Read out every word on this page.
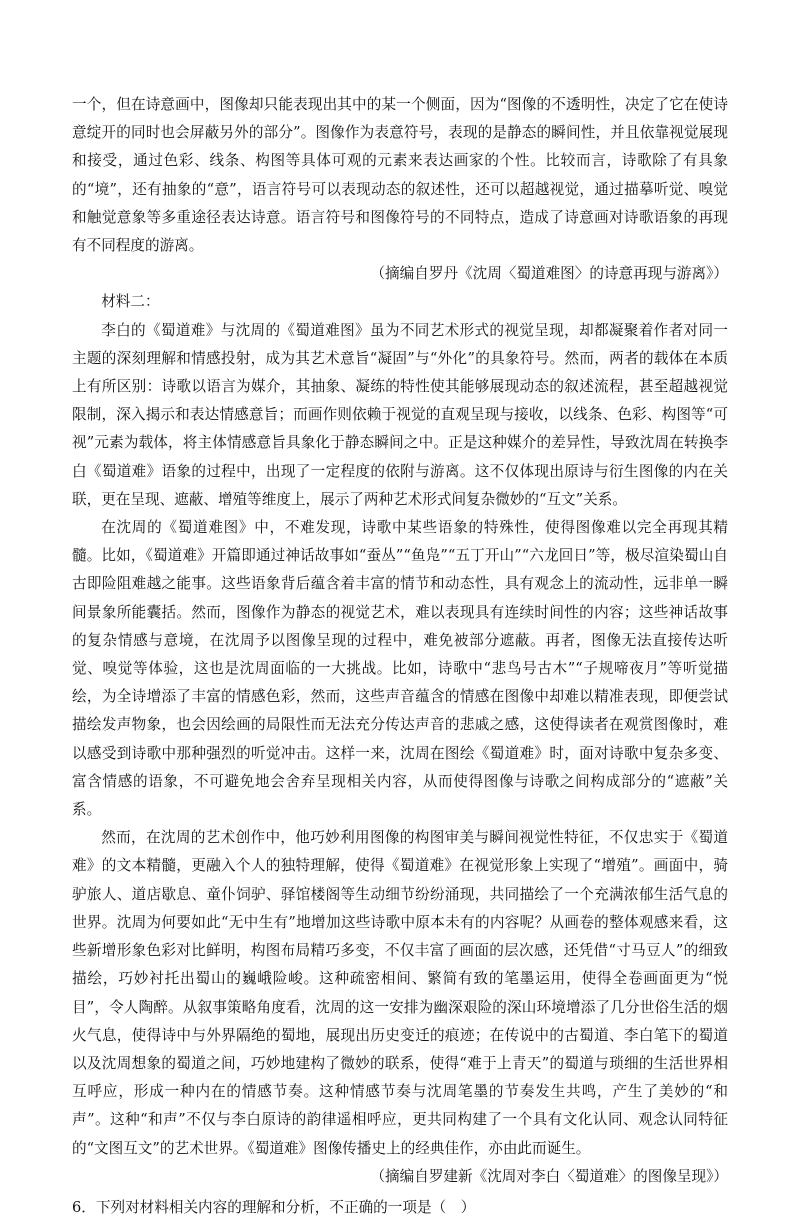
一个，但在诗意画中，图像却只能表现出其中的某一个侧面，因为“图像的不透明性，决定了它在使诗意绽开的同时也会屏蔽另外的部分”。图像作为表意符号，表现的是静态的瞬间性，并且依靠视觉展现和接受，通过色彩、线条、构图等具体可观的元素来表达画家的个性。比较而言，诗歌除了有具象的“境”，还有抽象的“意”，语言符号可以表现动态的叙述性，还可以超越视觉，通过描摹听觉、嗅觉和触觉意象等多重途径表达诗意。语言符号和图像符号的不同特点，造成了诗意画对诗歌语象的再现有不同程度的游离。

（摘编自罗丹《沈周〈蜀道难图〉的诗意再现与游离》）

材料二：

李白的《蜀道难》与沈周的《蜀道难图》虽为不同艺术形式的视觉呈现，却都凝聚着作者对同一主题的深刻理解和情感投射，成为其艺术意旨“凝固”与“外化”的具象符号。然而，两者的载体在本质上有所区别：诗歌以语言为媒介，其抽象、凝练的特性使其能够展现动态的叙述流程，甚至超越视觉限制，深入揭示和表达情感意旨；而画作则依赖于视觉的直观呈现与接收，以线条、色彩、构图等“可视”元素为载体，将主体情感意旨具象化于静态瞬间之中。正是这种媒介的差异性，导致沈周在转换李白《蜀道难》语象的过程中，出现了一定程度的依附与游离。这不仅体现出原诗与衍生图像的内在关联，更在呈现、遮蔽、增殖等维度上，展示了两种艺术形式间复杂微妙的“互文”关系。

在沈周的《蜀道难图》中，不难发现，诗歌中某些语象的特殊性，使得图像难以完全再现其精髓。比如，《蜀道难》开篇即通过神话故事如“蚕丛”“鱼凫”“五丁开山”“六龙回日”等，极尽渲染蜀山自古即险阻难越之能事。这些语象背后蕴含着丰富的情节和动态性，具有观念上的流动性，远非单一瞬间景象所能囊括。然而，图像作为静态的视觉艺术，难以表现具有连续时间性的内容；这些神话故事的复杂情感与意境，在沈周予以图像呈现的过程中，难免被部分遮蔽。再者，图像无法直接传达听觉、嗅觉等体验，这也是沈周面临的一大挑战。比如，诗歌中“悲鸟号古木”“子规啼夜月”等听觉描绘，为全诗增添了丰富的情感色彩，然而，这些声音蕴含的情感在图像中却难以精准表现，即便尝试描绘发声物象，也会因绘画的局限性而无法充分传达声音的悲戚之感，这使得读者在观赏图像时，难以感受到诗歌中那种强烈的听觉冲击。这样一来，沈周在图绘《蜀道难》时，面对诗歌中复杂多变、富含情感的语象，不可避免地会舍弃呈现相关内容，从而使得图像与诗歌之间构成部分的“遮蔽”关系。

然而，在沈周的艺术创作中，他巧妙利用图像的构图审美与瞬间视觉性特征，不仅忠实于《蜀道难》的文本精髓，更融入个人的独特理解，使得《蜀道难》在视觉形象上实现了“增殖”。画面中，骑驴旅人、道店歇息、童仆饲驴、驿馆楼阁等生动细节纷纷涌现，共同描绘了一个充满浓郁生活气息的世界。沈周为何要如此“无中生有”地增加这些诗歌中原本未有的内容呢？从画卷的整体观感来看，这些新增形象色彩对比鲜明，构图布局精巧多变，不仅丰富了画面的层次感，还凭借“寸马豆人”的细致描绘，巧妙衬托出蜀山的巍峨险峻。这种疏密相间、繁简有致的笔墨运用，使得全卷画面更为“悦目”，令人陶醉。从叙事策略角度看，沈周的这一安排为幽深艰险的深山环境增添了几分世俗生活的烟火气息，使得诗中与外界隔绝的蜀地，展现出历史变迁的痕迹；在传说中的古蜀道、李白笔下的蜀道以及沈周想象的蜀道之间，巧妙地建构了微妙的联系，使得“难于上青天”的蜀道与琐细的生活世界相互呼应，形成一种内在的情感节奏。这种情感节奏与沈周笔墨的节奏发生共鸣，产生了美妙的“和声”。这种“和声”不仅与李白原诗的韵律遥相呼应，更共同构建了一个具有文化认同、观念认同特征的“文图互文”的艺术世界。《蜀道难》图像传播史上的经典佳作，亦由此而诞生。

（摘编自罗建新《沈周对李白〈蜀道难〉的图像呈现》）

6．下列对材料相关内容的理解和分析，不正确的一项是（　）
